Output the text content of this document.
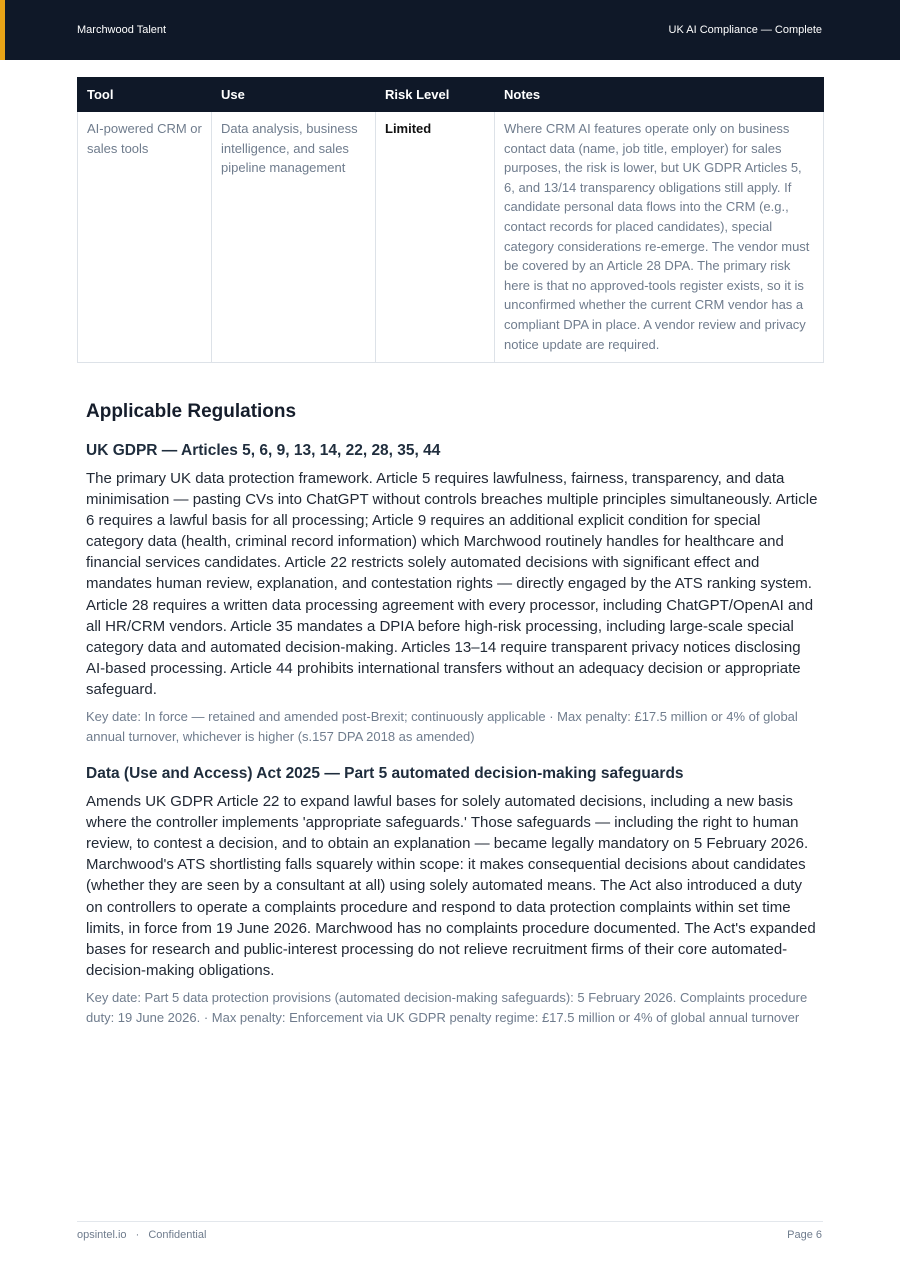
Marchwood Talent	UK AI Compliance — Complete
Tool	Use	Risk Level	Notes
AI-powered CRM or sales tools	Data analysis, business intelligence, and sales pipeline management	Limited	Where CRM AI features operate only on business contact data (name, job title, employer) for sales purposes, the risk is lower, but UK GDPR Articles 5, 6, and 13/14 transparency obligations still apply. If candidate personal data flows into the CRM (e.g., contact records for placed candidates), special category considerations re-emerge. The vendor must be covered by an Article 28 DPA. The primary risk here is that no approved-tools register exists, so it is unconfirmed whether the current CRM vendor has a compliant DPA in place. A vendor review and privacy notice update are required.
Applicable Regulations
UK GDPR — Articles 5, 6, 9, 13, 14, 22, 28, 35, 44

The primary UK data protection framework. Article 5 requires lawfulness, fairness, transparency, and data minimisation — pasting CVs into ChatGPT without controls breaches multiple principles simultaneously. Article 6 requires a lawful basis for all processing; Article 9 requires an additional explicit condition for special category data (health, criminal record information) which Marchwood routinely handles for healthcare and financial services candidates. Article 22 restricts solely automated decisions with significant effect and mandates human review, explanation, and contestation rights — directly engaged by the ATS ranking system. Article 28 requires a written data processing agreement with every processor, including ChatGPT/OpenAI and all HR/CRM vendors. Article 35 mandates a DPIA before high-risk processing, including large-scale special category data and automated decision-making. Articles 13–14 require transparent privacy notices disclosing AI-based processing. Article 44 prohibits international transfers without an adequacy decision or appropriate safeguard.

Key date: In force — retained and amended post-Brexit; continuously applicable · Max penalty: £17.5 million or 4% of global annual turnover, whichever is higher (s.157 DPA 2018 as amended)

Data (Use and Access) Act 2025 — Part 5 automated decision-making safeguards

Amends UK GDPR Article 22 to expand lawful bases for solely automated decisions, including a new basis where the controller implements 'appropriate safeguards.' Those safeguards — including the right to human review, to contest a decision, and to obtain an explanation — became legally mandatory on 5 February 2026. Marchwood's ATS shortlisting falls squarely within scope: it makes consequential decisions about candidates (whether they are seen by a consultant at all) using solely automated means. The Act also introduced a duty on controllers to operate a complaints procedure and respond to data protection complaints within set time limits, in force from 19 June 2026. Marchwood has no complaints procedure documented. The Act's expanded bases for research and public-interest processing do not relieve recruitment firms of their core automated-decision-making obligations.

Key date: Part 5 data protection provisions (automated decision-making safeguards): 5 February 2026. Complaints procedure duty: 19 June 2026. · Max penalty: Enforcement via UK GDPR penalty regime: £17.5 million or 4% of global annual turnover

opsintel.io · Confidential	Page 6
